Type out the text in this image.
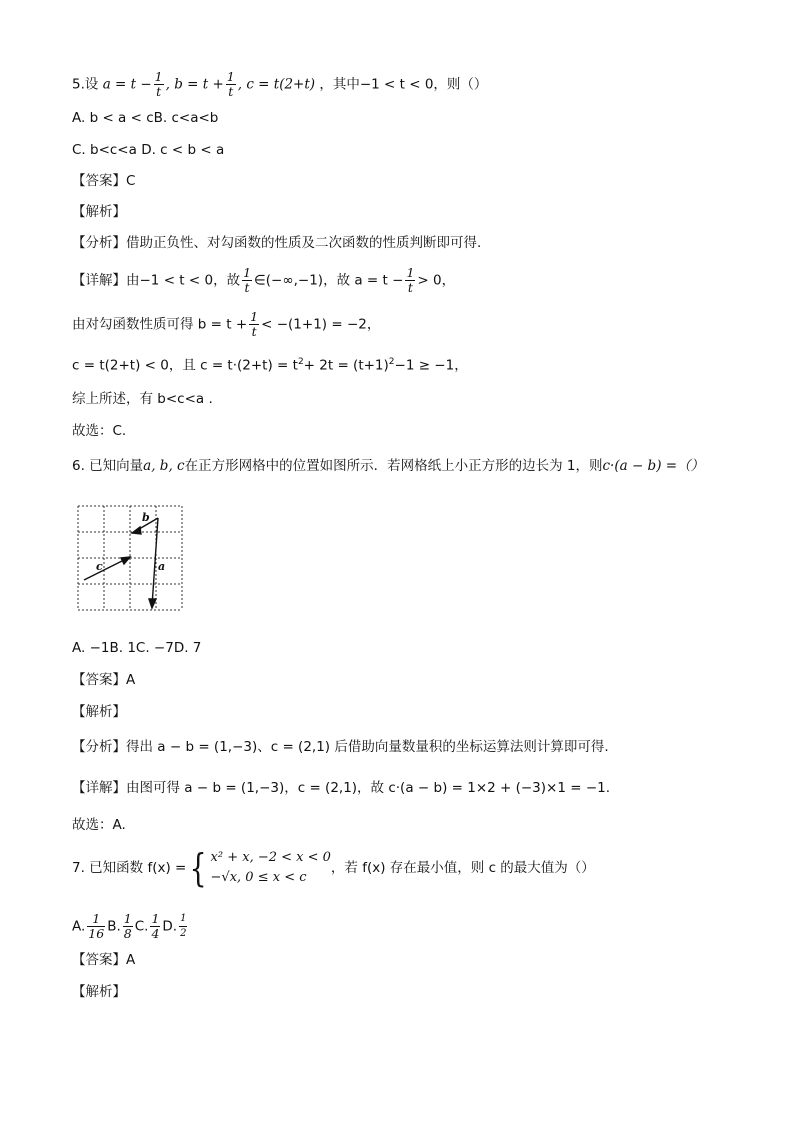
5.设 $a = t - \frac{1}{t}$ , $b = t + \frac{1}{t}$ , c = t(2+t) ，其中−1 < t < 0，则（）
A. b < a < cB. c<a<b
C. b<c<a D. c < b < a
【答案】C
【解析】
【分析】借助正负性、对勾函数的性质及二次函数的性质判断即可得.
【详解】由−1 < t < 0，故 $\frac{1}{t}$ ∈(−∞,−1)，故 $a = t - \frac{1}{t} > 0$，
由对勾函数性质可得 $b = t + \frac{1}{t} < -(1+1) = -2$，
c = t(2+t) < 0，且 $c = t\cdot(2+t) = t^2+ 2t = (t+1)^2-1 \ge -1$，
综上所述，有 b<c<a .
故选：C.
6. 已知向量a, b, c在正方形网格中的位置如图所示．若网格纸上小正方形的边长为 1，则c·(a − b) =（）
b
c	a
A. −1B. 1C. −7D. 7
【答案】A
【解析】
【分析】得出 a − b = (1,−3)、c = (2,1) 后借助向量数量积的坐标运算法则计算即可得.
【详解】由图可得 a − b = (1,−3)，c = (2,1)，故 c·(a − b) = 1×2 + (−3)×1 = −1.
故选：A.
7. 已知函数 f(x) ={ x² + x, −2 < x < 0
−√x, 0 ≤ x < c
，若 f(x) 存在最小值，则 c 的最大值为（）
A. $\frac{1}{16} B$. $\frac{1}{8} C$. $\frac{1}{4} D$. $\frac{1}{2}$
【答案】A
【解析】
